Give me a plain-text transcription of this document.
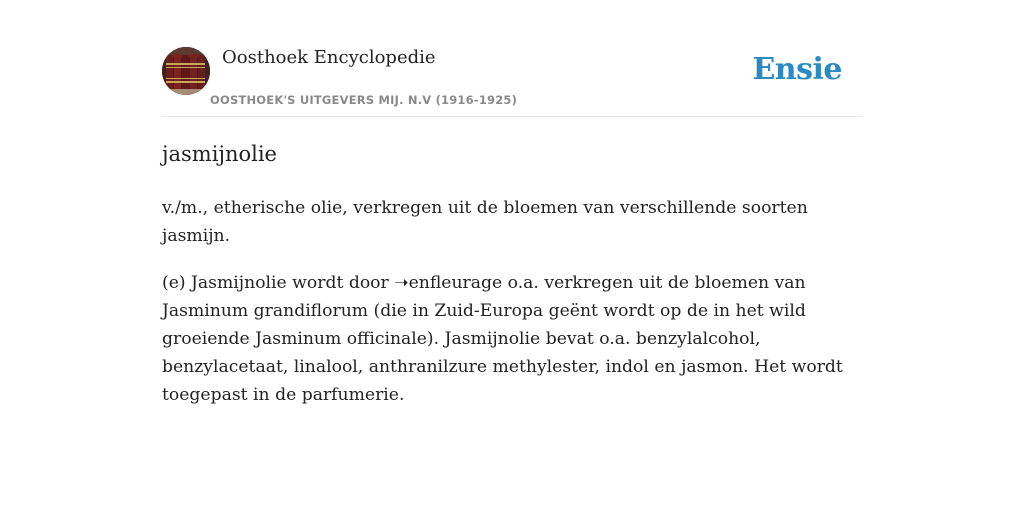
Oosthoek Encyclopedie
OOSTHOEK'S UITGEVERS MIJ. N.V (1916-1925)
Ensie
jasmijnolie

v./m., etherische olie, verkregen uit de bloemen van verschillende soorten jasmijn.

(e) Jasmijnolie wordt door ➝enfleurage o.a. verkregen uit de bloemen van Jasminum grandiflorum (die in Zuid-Europa geënt wordt op de in het wild groeiende Jasminum officinale). Jasmijnolie bevat o.a. benzylalcohol, benzylacetaat, linalool, anthranilzure methylester, indol en jasmon. Het wordt toegepast in de parfumerie.
